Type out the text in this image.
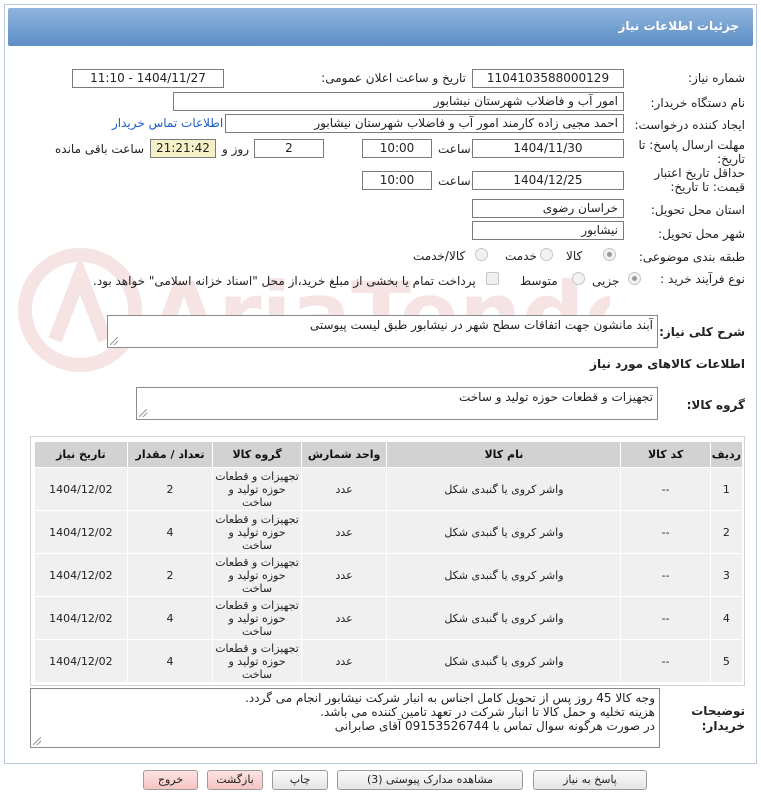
جزئیات اطلاعات نیاز
شماره نیاز:
1104103588000129
تاریخ و ساعت اعلان عمومی:
1404/11/27 - 11:10
نام دستگاه خریدار:
امور آب و فاضلاب شهرستان نیشابور
ایجاد کننده درخواست:
احمد مجیی زاده کارمند امور آب و فاضلاب شهرستان نیشابور
اطلاعات تماس خریدار
مهلت ارسال پاسخ: تا تاریخ:
1404/11/30
ساعت
10:00
2
روز و
21:21:42
ساعت باقی مانده
حداقل تاریخ اعتبار قیمت: تا تاریخ:
1404/12/25
ساعت
10:00
استان محل تحویل:
خراسان رضوی
شهر محل تحویل:
نیشابور
طبقه بندی موضوعی:
کالا
خدمت
کالا/خدمت
نوع فرآیند خرید :
جزیی
متوسط
پرداخت تمام یا بخشی از مبلغ خرید،از محل "اسناد خزانه اسلامی" خواهد بود.
شرح کلی نیاز:
آبند مانشون جهت اتفاقات سطح شهر در نیشابور طبق لیست پیوستی
اطلاعات کالاهای مورد نیاز
گروه کالا:
تجهیزات و قطعات حوزه تولید و ساخت
ردیف	کد کالا	نام کالا	واحد شمارش	گروه کالا	تعداد / مقدار	تاریخ نیاز
1	--	واشر کروی یا گنبدی شکل	عدد	تجهیزات و قطعات حوزه تولید و ساخت	2	1404/12/02
2	--	واشر کروی یا گنبدی شکل	عدد	تجهیزات و قطعات حوزه تولید و ساخت	4	1404/12/02
3	--	واشر کروی یا گنبدی شکل	عدد	تجهیزات و قطعات حوزه تولید و ساخت	2	1404/12/02
4	--	واشر کروی یا گنبدی شکل	عدد	تجهیزات و قطعات حوزه تولید و ساخت	4	1404/12/02
5	--	واشر کروی یا گنبدی شکل	عدد	تجهیزات و قطعات حوزه تولید و ساخت	4	1404/12/02
توضیحات خریدار:
وجه کالا 45 روز پس از تحویل کامل اجناس به انبار شرکت نیشابور انجام می گردد.
هزینه تخلیه و حمل کالا تا انبار شرکت در تعهد تامین کننده می باشد.
در صورت هرگونه سوال تماس با 09153526744 آقای صابرانی
پاسخ به نیاز
مشاهده مدارک پیوستی (3)
چاپ
بازگشت
خروج
